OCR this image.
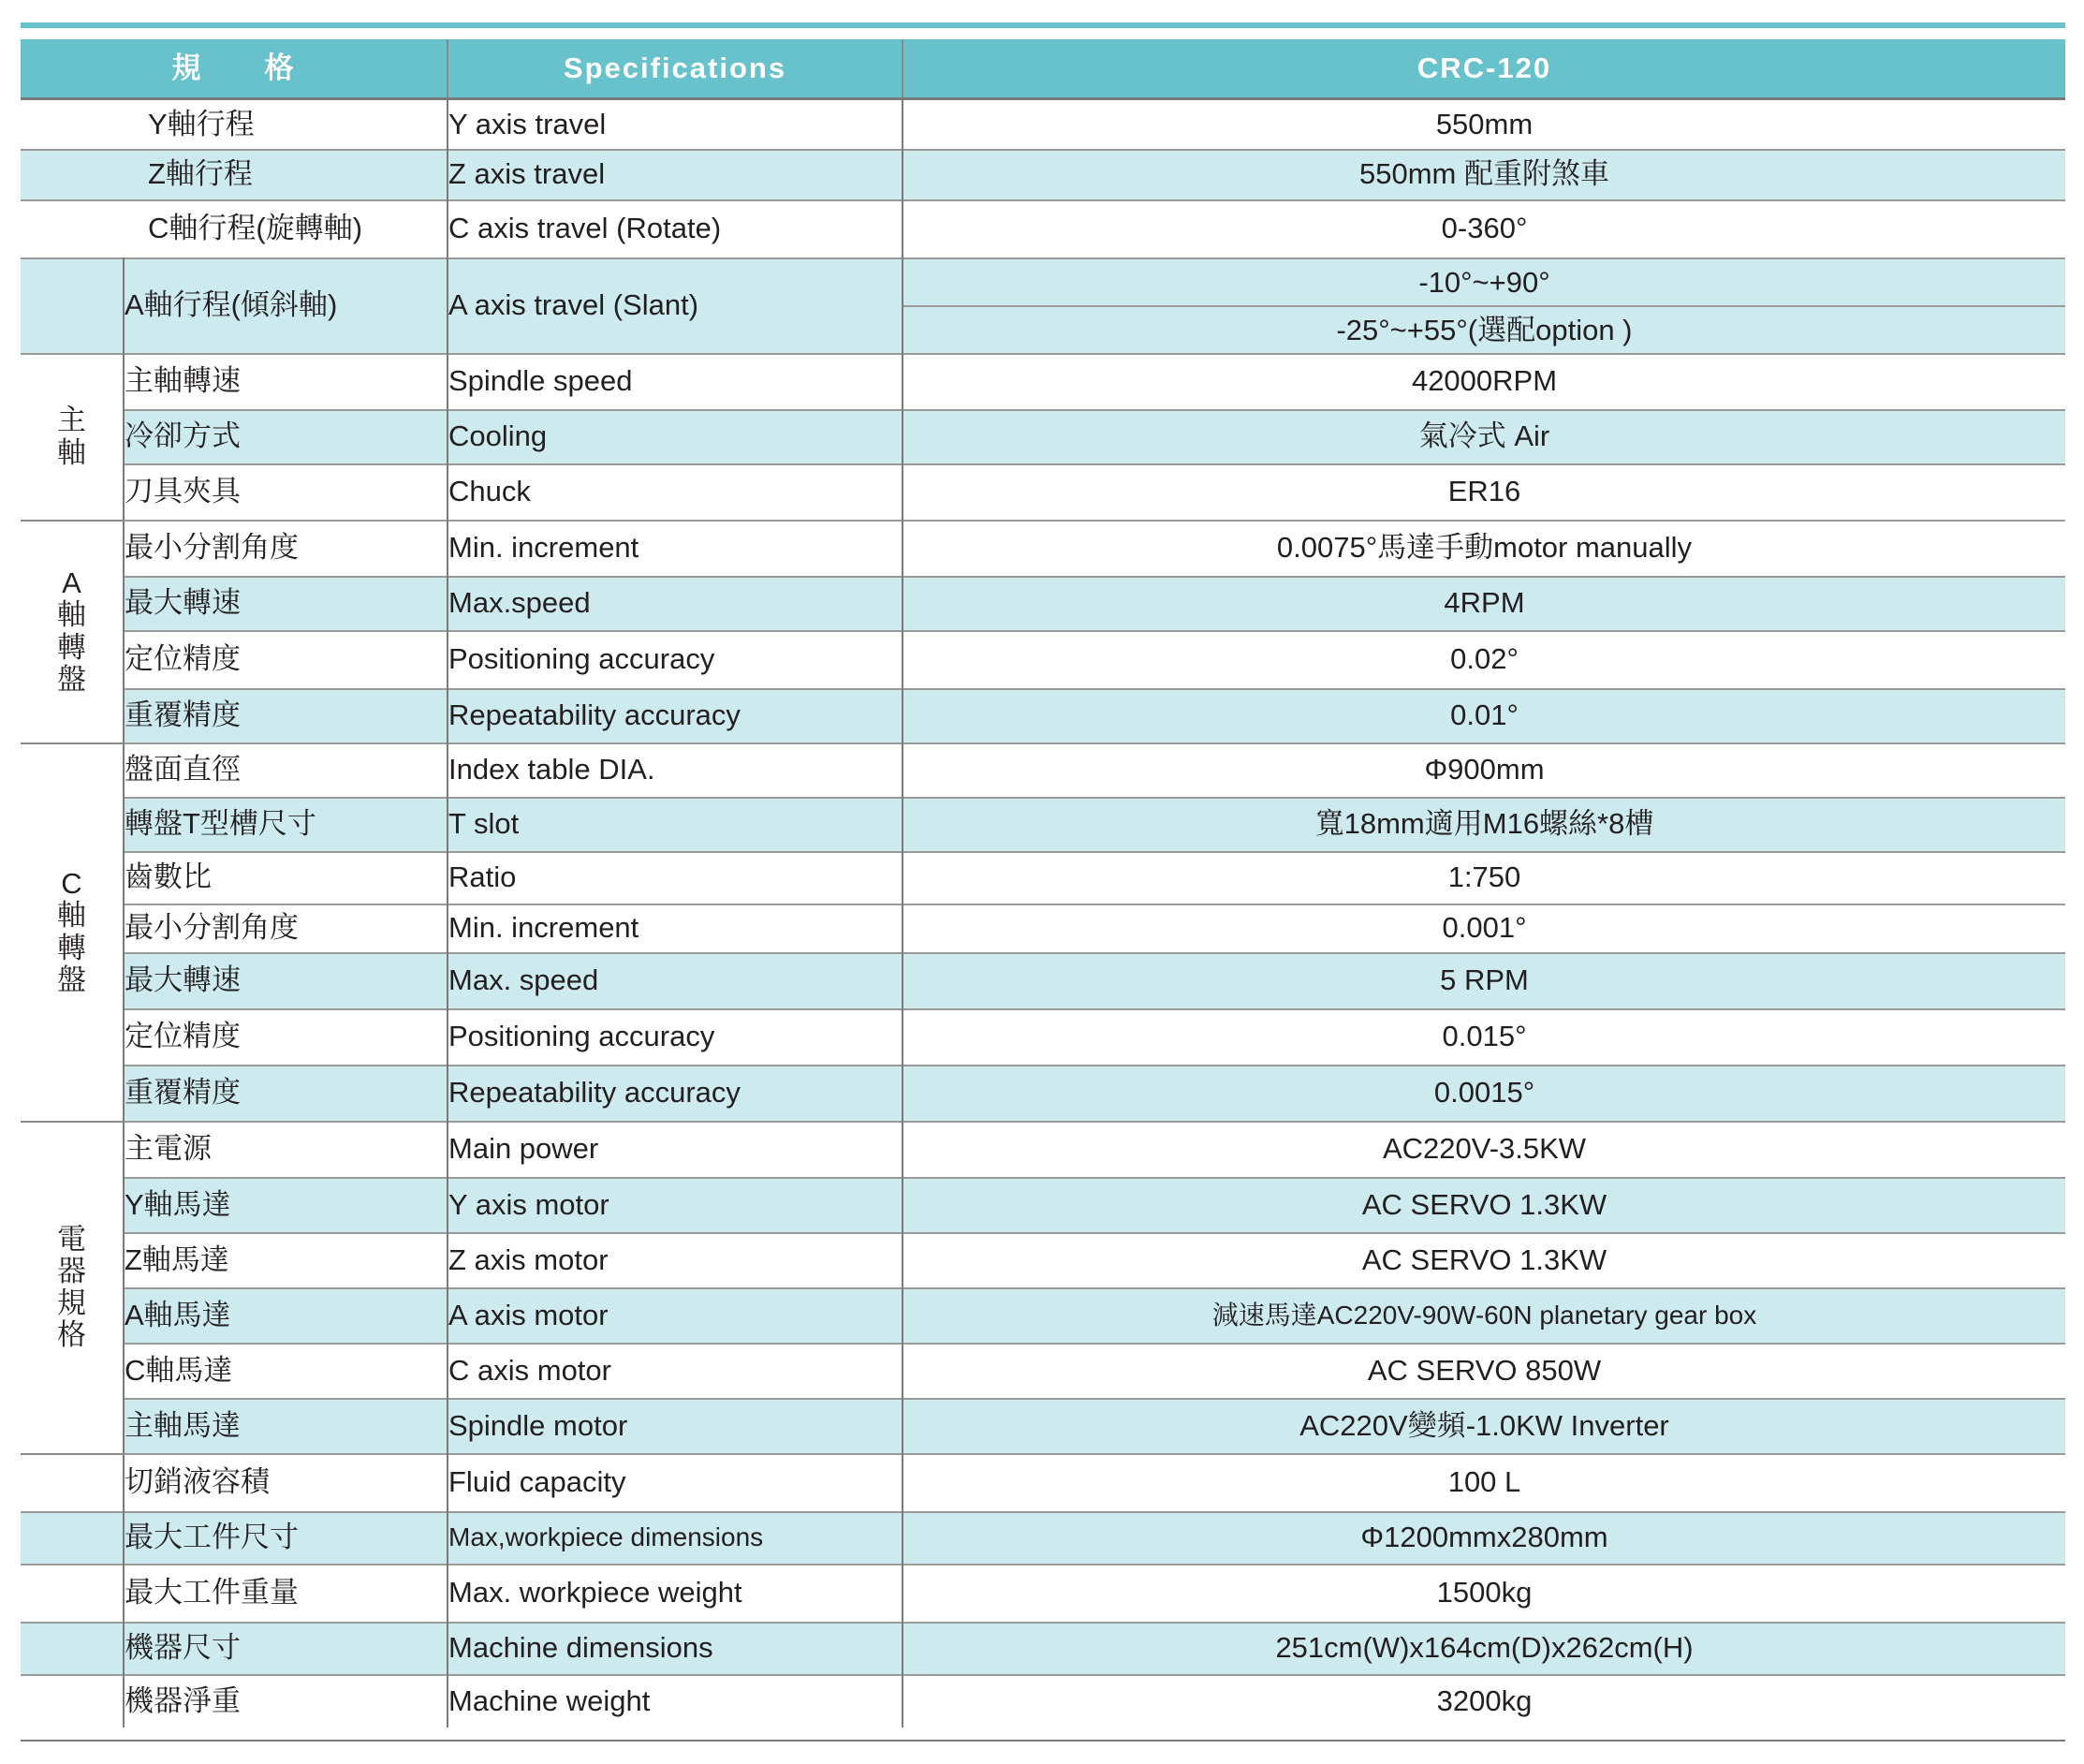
規　　格		Specifications	CRC-120
Y軸行程		Y axis travel	550mm
Z軸行程		Z axis travel	550mm 配重附煞車
C軸行程(旋轉軸)		C axis travel (Rotate)	0-360°
	A軸行程(傾斜軸)	A axis travel (Slant)	-10°~+90°
-25°~+55°(選配option )

主軸	主軸轉速	Spindle speed	42000RPM
	冷卻方式	Cooling	氣冷式 Air
	刀具夾具	Chuck	ER16

A軸轉盤	最小分割角度	Min. increment	0.0075°馬達手動motor manually
	最大轉速	Max.speed	4RPM
	定位精度	Positioning accuracy	0.02°
	重覆精度	Repeatability accuracy	0.01°

C軸轉盤	盤面直徑	Index table DIA.	Φ900mm
	轉盤T型槽尺寸	T slot	寬18mm適用M16螺絲*8槽
	齒數比	Ratio	1:750
	最小分割角度	Min. increment	0.001°
	最大轉速	Max. speed	5 RPM
	定位精度	Positioning accuracy	0.015°
	重覆精度	Repeatability accuracy	0.0015°

電器規格	主電源	Main power	AC220V-3.5KW
	Y軸馬達	Y axis motor	AC SERVO 1.3KW
	Z軸馬達	Z axis motor	AC SERVO 1.3KW
	A軸馬達	A axis motor	減速馬達AC220V-90W-60N planetary gear box
	C軸馬達	C axis motor	AC SERVO 850W
	主軸馬達	Spindle motor	AC220V變頻-1.0KW Inverter
	切銷液容積	Fluid capacity	100 L
	最大工件尺寸	Max,workpiece dimensions	Φ1200mmx280mm
	最大工件重量	Max. workpiece weight	1500kg
	機器尺寸	Machine dimensions	251cm(W)x164cm(D)x262cm(H)
	機器淨重	Machine weight	3200kg
